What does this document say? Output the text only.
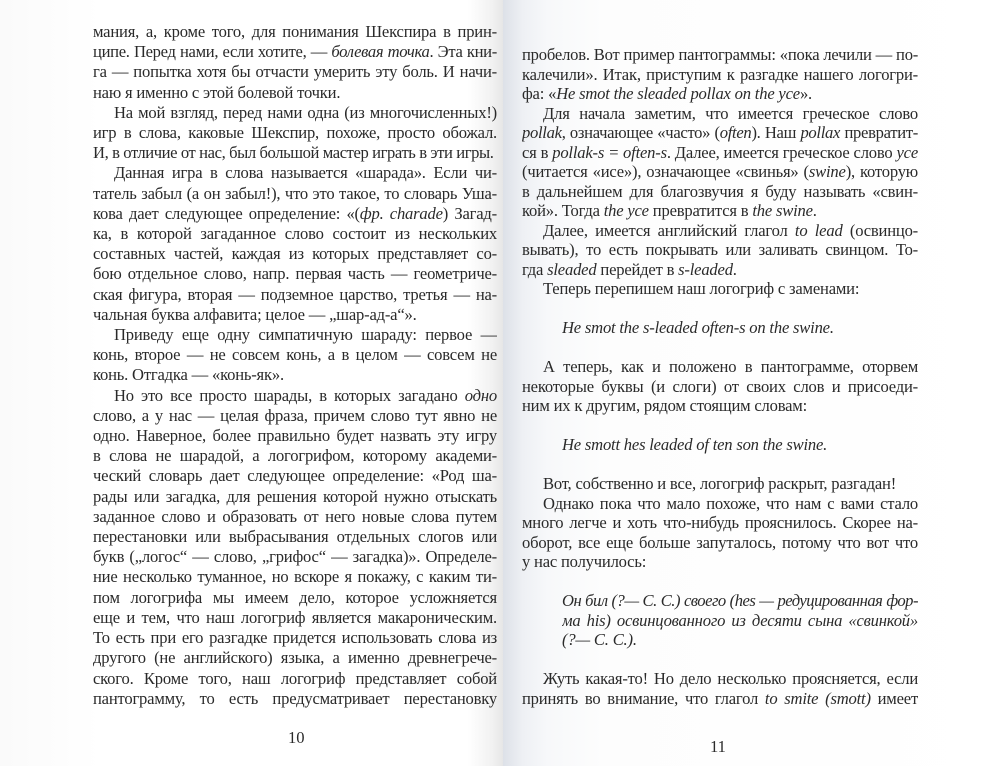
мания, а, кроме того, для понимания Шекспира в прин-
ципе. Перед нами, если хотите, — болевая точка. Эта кни-
га — попытка хотя бы отчасти умерить эту боль. И начи-
наю я именно с этой болевой точки.
На мой взгляд, перед нами одна (из многочисленных!)
игр в слова, каковые Шекспир, похоже, просто обожал.
И, в отличие от нас, был большой мастер играть в эти игры.
Данная игра в слова называется «шарада». Если чи-
татель забыл (а он забыл!), что это такое, то словарь Уша-
кова дает следующее определение: «(фр. charade) Загад-
ка, в которой загаданное слово состоит из нескольких
составных частей, каждая из которых представляет со-
бою отдельное слово, напр. первая часть — геометриче-
ская фигура, вторая — подземное царство, третья — на-
чальная буква алфавита; целое — „шар-ад-а“».
Приведу еще одну симпатичную шараду: первое —
конь, второе — не совсем конь, а в целом — совсем не
конь. Отгадка — «конь-як».
Но это все просто шарады, в которых загадано одно
слово, а у нас — целая фраза, причем слово тут явно не
одно. Наверное, более правильно будет назвать эту игру
в слова не шарадой, а логогрифом, которому академи-
ческий словарь дает следующее определение: «Род ша-
рады или загадка, для решения которой нужно отыскать
заданное слово и образовать от него новые слова путем
перестановки или выбрасывания отдельных слогов или
букв („логос“ — слово, „грифос“ — загадка)». Определе-
ние несколько туманное, но вскоре я покажу, с каким ти-
пом логогрифа мы имеем дело, которое усложняется
еще и тем, что наш логогриф является макароническим.
То есть при его разгадке придется использовать слова из
другого (не английского) языка, а именно древнегрече-
ского. Кроме того, наш логогриф представляет собой
пантограмму, то есть предусматривает перестановку
10
пробелов. Вот пример пантограммы: «пока лечили — по-
калечили». Итак, приступим к разгадке нашего логогри-
фа: «He smot the sleaded pollax on the yce».
Для начала заметим, что имеется греческое слово
pollak, означающее «часто» (often). Наш pollax превратит-
ся в pollak-s = often-s. Далее, имеется греческое слово yce
(читается «исе»), означающее «свинья» (swine), которую
в дальнейшем для благозвучия я буду называть «свин-
кой». Тогда the yce превратится в the swine.
Далее, имеется английский глагол to lead (освинцо-
вывать), то есть покрывать или заливать свинцом. То-
гда sleaded перейдет в s-leaded.
Теперь перепишем наш логогриф с заменами:
He smot the s-leaded often-s on the swine.
А теперь, как и положено в пантограмме, оторвем
некоторые буквы (и слоги) от своих слов и присоеди-
ним их к другим, рядом стоящим словам:
He smott hes leaded of ten son the swine.
Вот, собственно и все, логогриф раскрыт, разгадан!
Однако пока что мало похоже, что нам с вами стало
много легче и хоть что-нибудь прояснилось. Скорее на-
оборот, все еще больше запуталось, потому что вот что
у нас получилось:
Он бил (?— С. С.) своего (hes — редуцированная фор-
ма his) освинцованного из десяти сына «свинкой»
(?— С. С.).
Жуть какая-то! Но дело несколько проясняется, если
принять во внимание, что глагол to smite (smott) имеет
11
